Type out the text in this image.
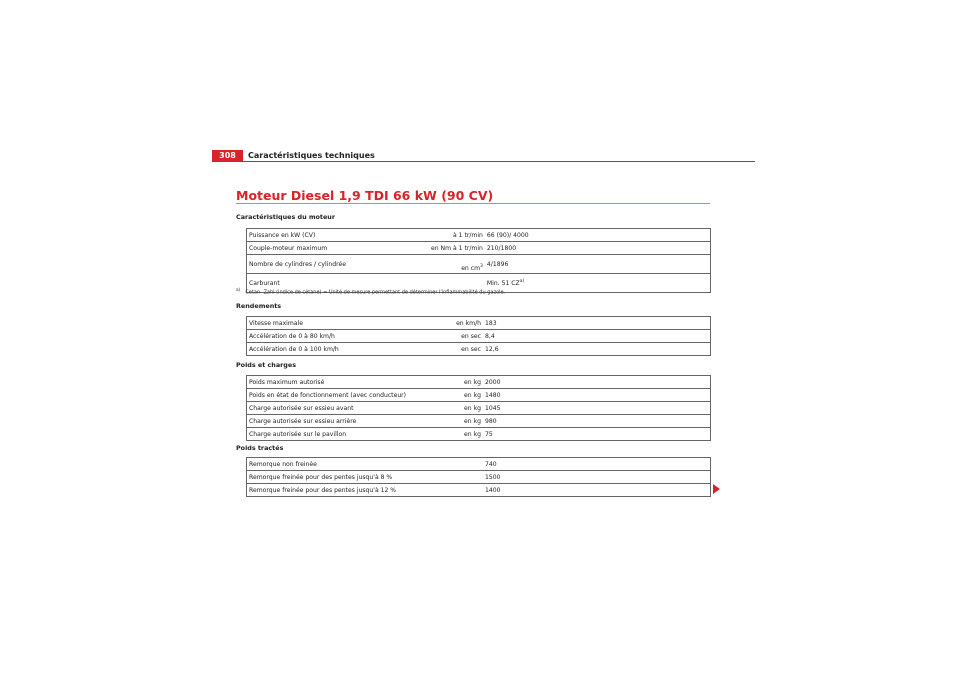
308	Caractéristiques techniques
Moteur Diesel 1,9 TDI 66 kW (90 CV)
Caractéristiques du moteur
Puissance en kW (CV)	à 1 tr/min	66 (90)/ 4000
Couple-moteur maximum	en Nm à 1 tr/min	210/1800
Nombre de cylindres / cylindrée	en $cm^3$	4/1896
Carburant		Min. 51 CZ$^{a)}$
a) Cetan- Zahl (indice de cétane) = Unité de mesure permettant de déterminer l'inflammabilité du gazole.
Rendements
Vitesse maximale	en km/h	183
Accélération de 0 à 80 km/h	en sec	8,4
Accélération de 0 à 100 km/h	en sec	12,6
Poids et charges
Poids maximum autorisé	en kg	2000
Poids en état de fonctionnement (avec conducteur)	en kg	1480
Charge autorisée sur essieu avant	en kg	1045
Charge autorisée sur essieu arrière	en kg	980
Charge autorisée sur le pavillon	en kg	75
Poids tractés
Remorque non freinée		740
Remorque freinée pour des pentes jusqu'à 8 %		1500
Remorque freinée pour des pentes jusqu'à 12 %		1400
